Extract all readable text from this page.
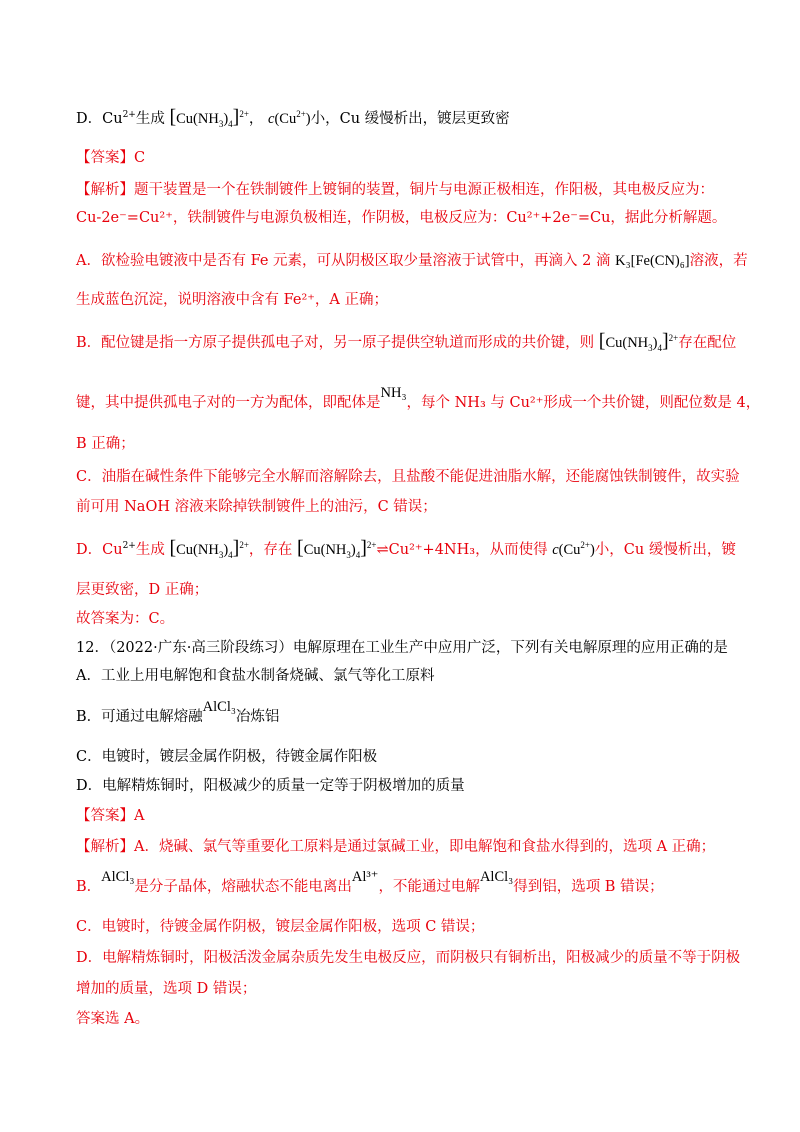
D．$Cu^{2+}$生成 $[Cu(NH_3)_4]^{2+}$， $c(Cu^{2+})$小，Cu 缓慢析出，镀层更致密
【答案】C
【解析】题干装置是一个在铁制镀件上镀铜的装置，铜片与电源正极相连，作阳极，其电极反应为：
Cu-2e⁻=Cu²⁺，铁制镀件与电源负极相连，作阴极，电极反应为：Cu²⁺+2e⁻=Cu，据此分析解题。
A．欲检验电镀液中是否有 Fe 元素，可从阴极区取少量溶液于试管中，再滴入 2 滴 K₃[Fe(CN)₆]溶液，若
生成蓝色沉淀，说明溶液中含有 Fe²⁺，A 正确；
B．配位键是指一方原子提供孤电子对，另一原子提供空轨道而形成的共价键，则 $[Cu(NH_3)_4]^{2+}$存在配位
键，其中提供孤电子对的一方为配体，即配体是NH₃，每个 NH₃ 与 Cu²⁺形成一个共价键，则配位数是 4，
B 正确；
C．油脂在碱性条件下能够完全水解而溶解除去，且盐酸不能促进油脂水解，还能腐蚀铁制镀件，故实验
前可用 NaOH 溶液来除掉铁制镀件上的油污，C 错误；
D．$Cu^{2+}$生成 $[Cu(NH_3)_4]^{2+}$，存在 $[Cu(NH_3)_4]^{2+}\rightleftharpoons Cu^{2+}+4NH_3$，从而使得 $c(Cu^{2+})$小，Cu 缓慢析出，镀
层更致密，D 正确；
故答案为：C。
12．（2022·广东·高三阶段练习）电解原理在工业生产中应用广泛，下列有关电解原理的应用正确的是
A．工业上用电解饱和食盐水制备烧碱、氯气等化工原料
B．可通过电解熔融AlCl₃冶炼铝
C．电镀时，镀层金属作阴极，待镀金属作阳极
D．电解精炼铜时，阳极减少的质量一定等于阴极增加的质量
【答案】A
【解析】A．烧碱、氯气等重要化工原料是通过氯碱工业，即电解饱和食盐水得到的，选项 A 正确；
B．AlCl₃是分子晶体，熔融状态不能电离出Al³⁺，不能通过电解AlCl₃得到铝，选项 B 错误；
C．电镀时，待镀金属作阴极，镀层金属作阳极，选项 C 错误；
D．电解精炼铜时，阳极活泼金属杂质先发生电极反应，而阴极只有铜析出，阳极减少的质量不等于阴极
增加的质量，选项 D 错误；
答案选 A。
